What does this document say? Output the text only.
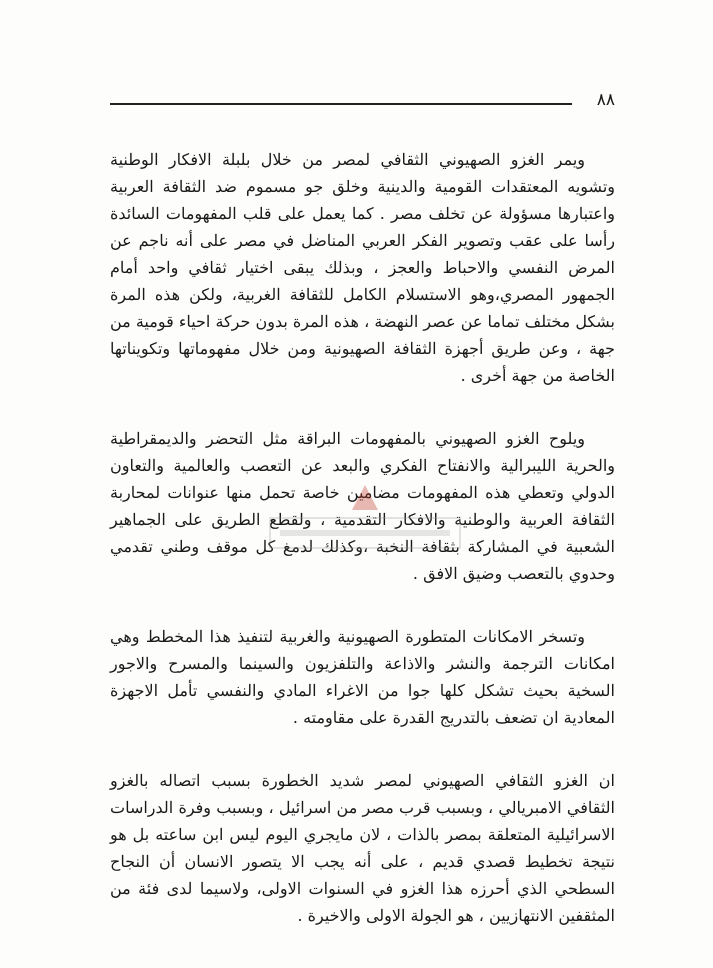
٨٨

ويمر الغزو الصهيوني الثقافي لمصر من خلال بلبلة الافكار الوطنية وتشويه المعتقدات القومية والدينية وخلق جو مسموم ضد الثقافة العربية واعتبارها مسؤولة عن تخلف مصر . كما يعمل على قلب المفهومات السائدة رأسا على عقب وتصوير الفكر العربي المناضل في مصر على أنه ناجم عن المرض النفسي والاحباط والعجز ، وبذلك يبقى اختيار ثقافي واحد أمام الجمهور المصري،وهو الاستسلام الكامل للثقافة الغربية، ولكن هذه المرة بشكل مختلف تماما عن عصر النهضة ، هذه المرة بدون حركة احياء قومية من جهة ، وعن طريق أجهزة الثقافة الصهيونية ومن خلال مفهوماتها وتكويناتها الخاصة من جهة أخرى .

ويلوح الغزو الصهيوني بالمفهومات البراقة مثل التحضر والديمقراطية والحرية الليبرالية والانفتاح الفكري والبعد عن التعصب والعالمية والتعاون الدولي وتعطي هذه المفهومات مضامين خاصة تحمل منها عنوانات لمحاربة الثقافة العربية والوطنية والافكار التقدمية ، ولقطع الطريق على الجماهير الشعبية في المشاركة بثقافة النخبة ،وكذلك لدمغ كل موقف وطني تقدمي وحدوي بالتعصب وضيق الافق .

وتسخر الامكانات المتطورة الصهيونية والغربية لتنفيذ هذا المخطط وهي امكانات الترجمة والنشر والاذاعة والتلفزيون والسينما والمسرح والاجور السخية بحيث تشكل كلها جوا من الاغراء المادي والنفسي تأمل الاجهزة المعادية ان تضعف بالتدريج القدرة على مقاومته .

ان الغزو الثقافي الصهيوني لمصر شديد الخطورة بسبب اتصاله بالغزو الثقافي الامبريالي ، وبسبب قرب مصر من اسرائيل ، وبسبب وفرة الدراسات الاسرائيلية المتعلقة بمصر بالذات ، لان مايجري اليوم ليس ابن ساعته بل هو نتيجة تخطيط قصدي قديم ، على أنه يجب الا يتصور الانسان أن النجاح السطحي الذي أحرزه هذا الغزو في السنوات الاولى، ولاسيما لدى فئة من المثقفين الانتهازيين ، هو الجولة الاولى والاخيرة .
